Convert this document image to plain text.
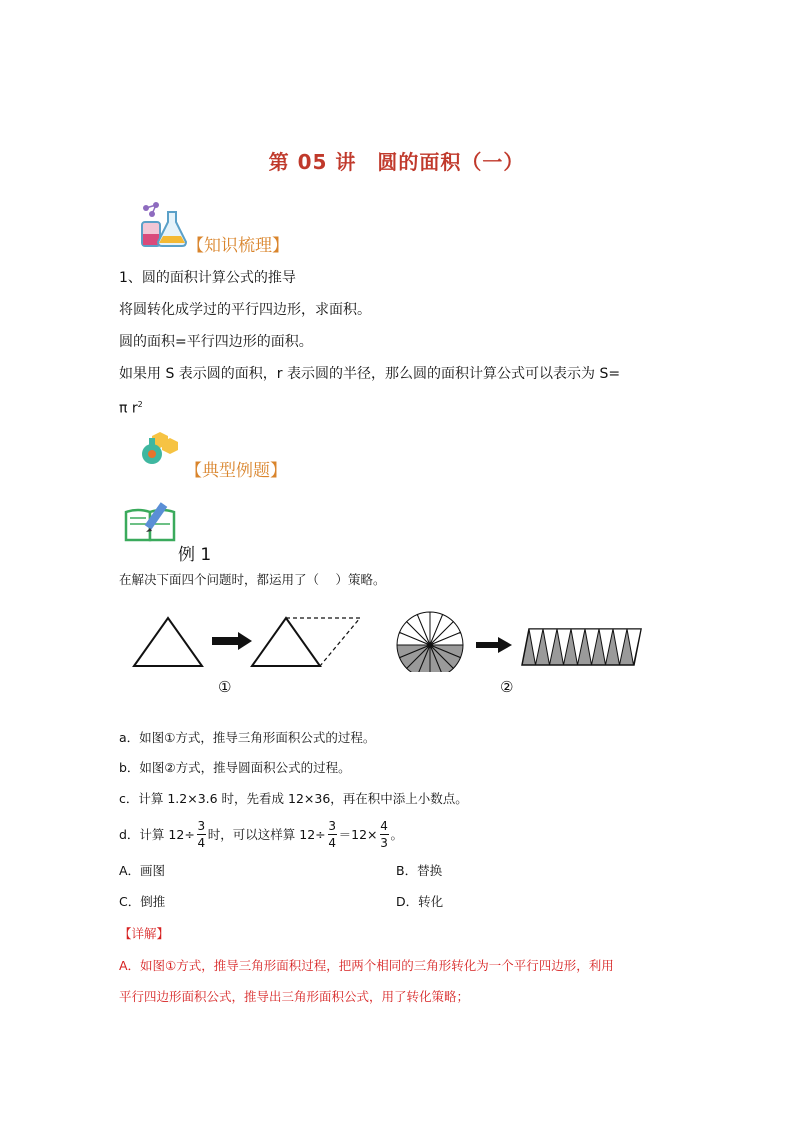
第 05 讲　圆的面积（一）
【知识梳理】
1、圆的面积计算公式的推导
将圆转化成学过的平行四边形，求面积。
圆的面积=平行四边形的面积。
如果用 S 表示圆的面积，r 表示圆的半径，那么圆的面积计算公式可以表示为 S=
π $r^2$
【典型例题】
例 1
在解决下面四个问题时，都运用了（　 ）策略。
①	②
a．如图①方式，推导三角形面积公式的过程。
b．如图②方式，推导圆面积公式的过程。
c．计算 1.2×3.6 时，先看成 12×36，再在积中添上小数点。
d．计算 $12\div \frac{3}{4}$ 时，可以这样算 $12\div \frac{3}{4} =12\times \frac{4}{3}$ 。
A．画图	B．替换
C．倒推	D．转化
【详解】
A．如图①方式，推导三角形面积过程，把两个相同的三角形转化为一个平行四边形，利用
平行四边形面积公式，推导出三角形面积公式，用了转化策略；
